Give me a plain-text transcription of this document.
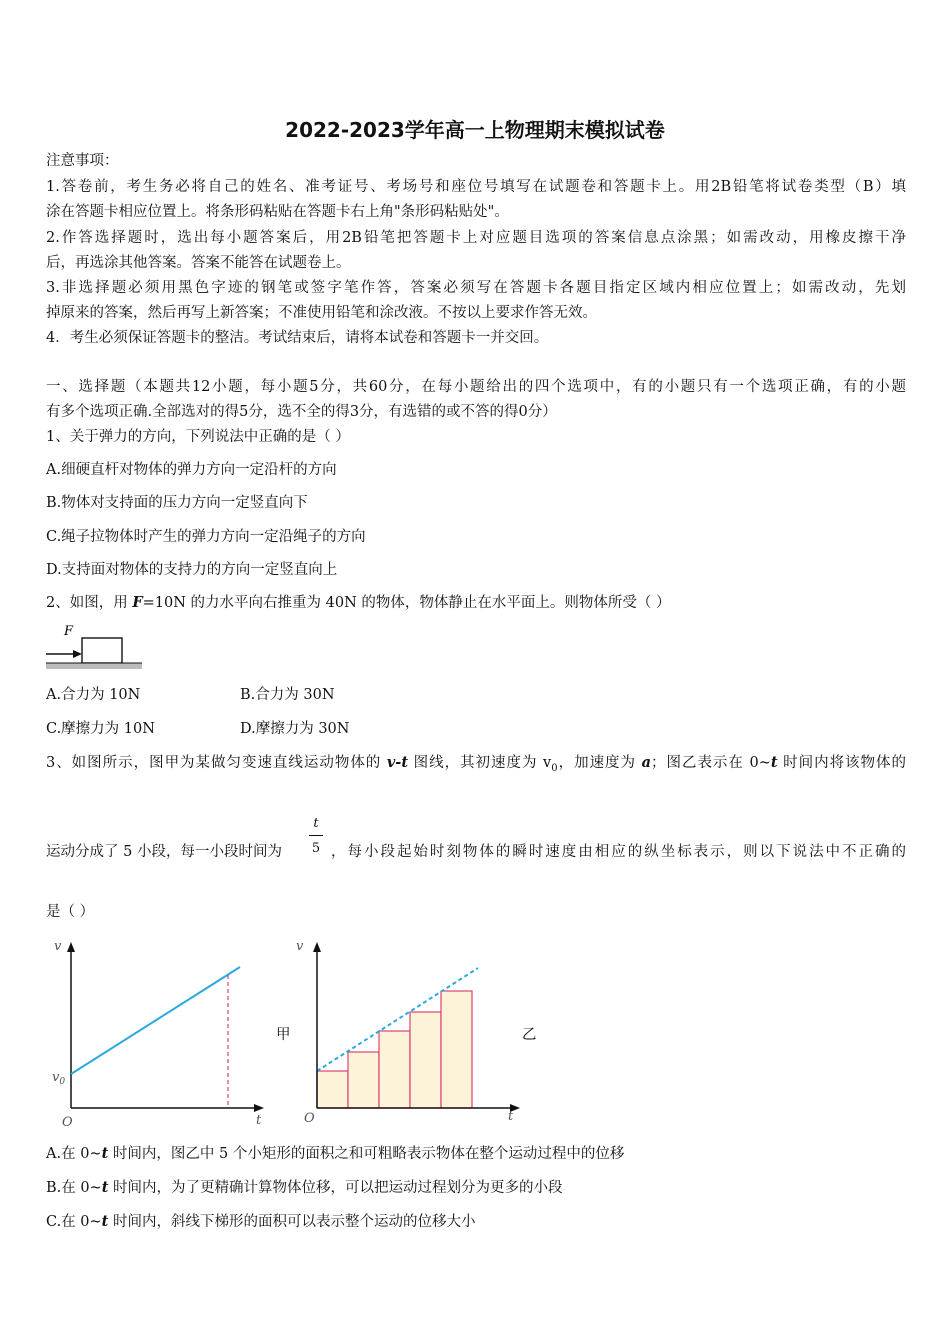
2022-2023学年高一上物理期末模拟试卷
注意事项：
1.答卷前，考生务必将自己的姓名、准考证号、考场号和座位号填写在试题卷和答题卡上。用2B铅笔将试卷类型（B）填
涂在答题卡相应位置上。将条形码粘贴在答题卡右上角"条形码粘贴处"。
2.作答选择题时，选出每小题答案后，用2B铅笔把答题卡上对应题目选项的答案信息点涂黑；如需改动，用橡皮擦干净
后，再选涂其他答案。答案不能答在试题卷上。
3.非选择题必须用黑色字迹的钢笔或签字笔作答，答案必须写在答题卡各题目指定区域内相应位置上；如需改动，先划
掉原来的答案，然后再写上新答案；不准使用铅笔和涂改液。不按以上要求作答无效。
4．考生必须保证答题卡的整洁。考试结束后，请将本试卷和答题卡一并交回。
一、选择题（本题共12小题，每小题5分，共60分，在每小题给出的四个选项中，有的小题只有一个选项正确，有的小题
有多个选项正确.全部选对的得5分，选不全的得3分，有选错的或不答的得0分）
1、关于弹力的方向，下列说法中正确的是（ ）
A.细硬直杆对物体的弹力方向一定沿杆的方向
B.物体对支持面的压力方向一定竖直向下
C.绳子拉物体时产生的弹力方向一定沿绳子的方向
D.支持面对物体的支持力的方向一定竖直向上
2、如图，用 F=10N 的力水平向右推重为 40N 的物体，物体静止在水平面上。则物体所受（ ）
F
A.合力为 10N	B.合力为 30N
C.摩擦力为 10N	D.摩擦力为 30N
3、如图所示，图甲为某做匀变速直线运动物体的 v-t 图线，其初速度为 $v_0$，加速度为 a；图乙表示在 0~t 时间内将该物体的
t
5
运动分成了 5 小段，每一小段时间为	，每小段起始时刻物体的瞬时速度由相应的纵坐标表示，则以下说法中不正确的
是（ ）
v
$v_0$
O	t
v
O	t
甲	乙
A.在 0~t 时间内，图乙中 5 个小矩形的面积之和可粗略表示物体在整个运动过程中的位移
B.在 0~t 时间内，为了更精确计算物体位移，可以把运动过程划分为更多的小段
C.在 0~t 时间内，斜线下梯形的面积可以表示整个运动的位移大小
